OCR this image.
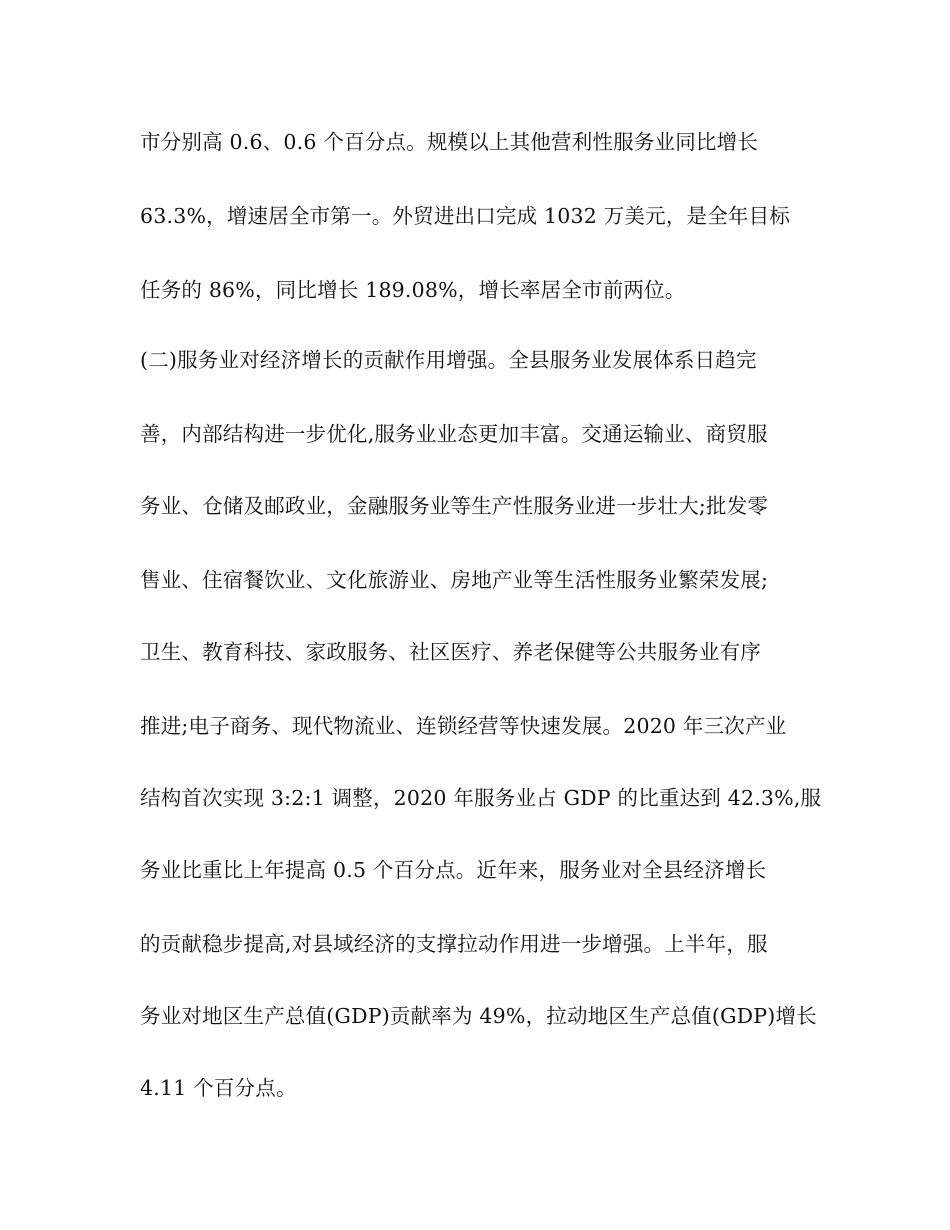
市分别高 0.6、0.6 个百分点。规模以上其他营利性服务业同比增长
63.3%，增速居全市第一。外贸进出口完成 1032 万美元，是全年目标
任务的 86%，同比增长 189.08%，增长率居全市前两位。
(二)服务业对经济增长的贡献作用增强。全县服务业发展体系日趋完
善，内部结构进一步优化,服务业业态更加丰富。交通运输业、商贸服
务业、仓储及邮政业，金融服务业等生产性服务业进一步壮大;批发零
售业、住宿餐饮业、文化旅游业、房地产业等生活性服务业繁荣发展;
卫生、教育科技、家政服务、社区医疗、养老保健等公共服务业有序
推进;电子商务、现代物流业、连锁经营等快速发展。2020 年三次产业
结构首次实现 3:2:1 调整，2020 年服务业占 GDP 的比重达到 42.3%,服
务业比重比上年提高 0.5 个百分点。近年来，服务业对全县经济增长
的贡献稳步提高,对县域经济的支撑拉动作用进一步增强。上半年，服
务业对地区生产总值(GDP)贡献率为 49%，拉动地区生产总值(GDP)增长
4.11 个百分点。
